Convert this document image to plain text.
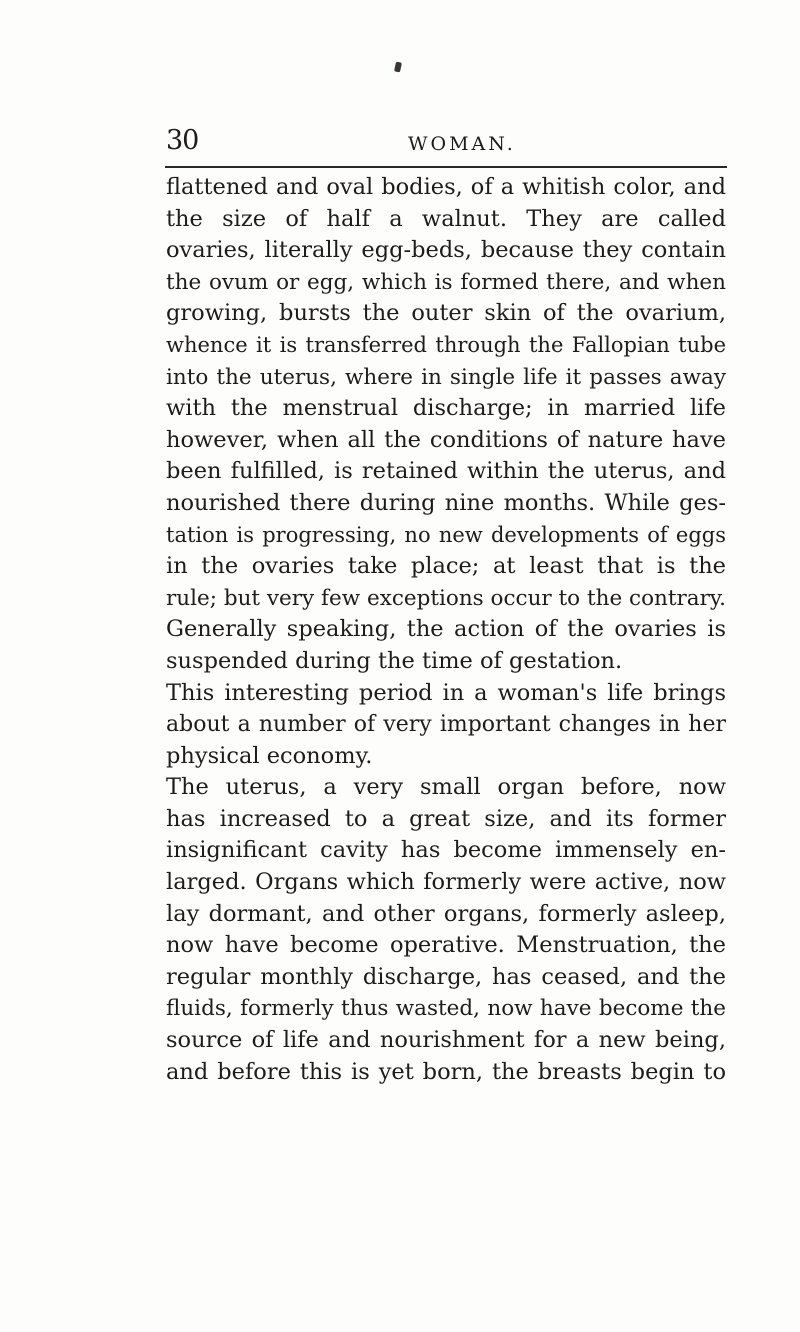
30	WOMAN.
flattened and oval bodies, of a whitish color, and
the size of half a walnut. They are called
ovaries, literally egg-beds, because they contain
the ovum or egg, which is formed there, and when
growing, bursts the outer skin of the ovarium,
whence it is transferred through the Fallopian tube
into the uterus, where in single life it passes away
with the menstrual discharge; in married life
however, when all the conditions of nature have
been fulfilled, is retained within the uterus, and
nourished there during nine months. While ges-
tation is progressing, no new developments of eggs
in the ovaries take place; at least that is the
rule; but very few exceptions occur to the contrary.
Generally speaking, the action of the ovaries is
suspended during the time of gestation.
This interesting period in a woman's life brings
about a number of very important changes in her
physical economy.
The uterus, a very small organ before, now
has increased to a great size, and its former
insignificant cavity has become immensely en-
larged. Organs which formerly were active, now
lay dormant, and other organs, formerly asleep,
now have become operative. Menstruation, the
regular monthly discharge, has ceased, and the
fluids, formerly thus wasted, now have become the
source of life and nourishment for a new being,
and before this is yet born, the breasts begin to
